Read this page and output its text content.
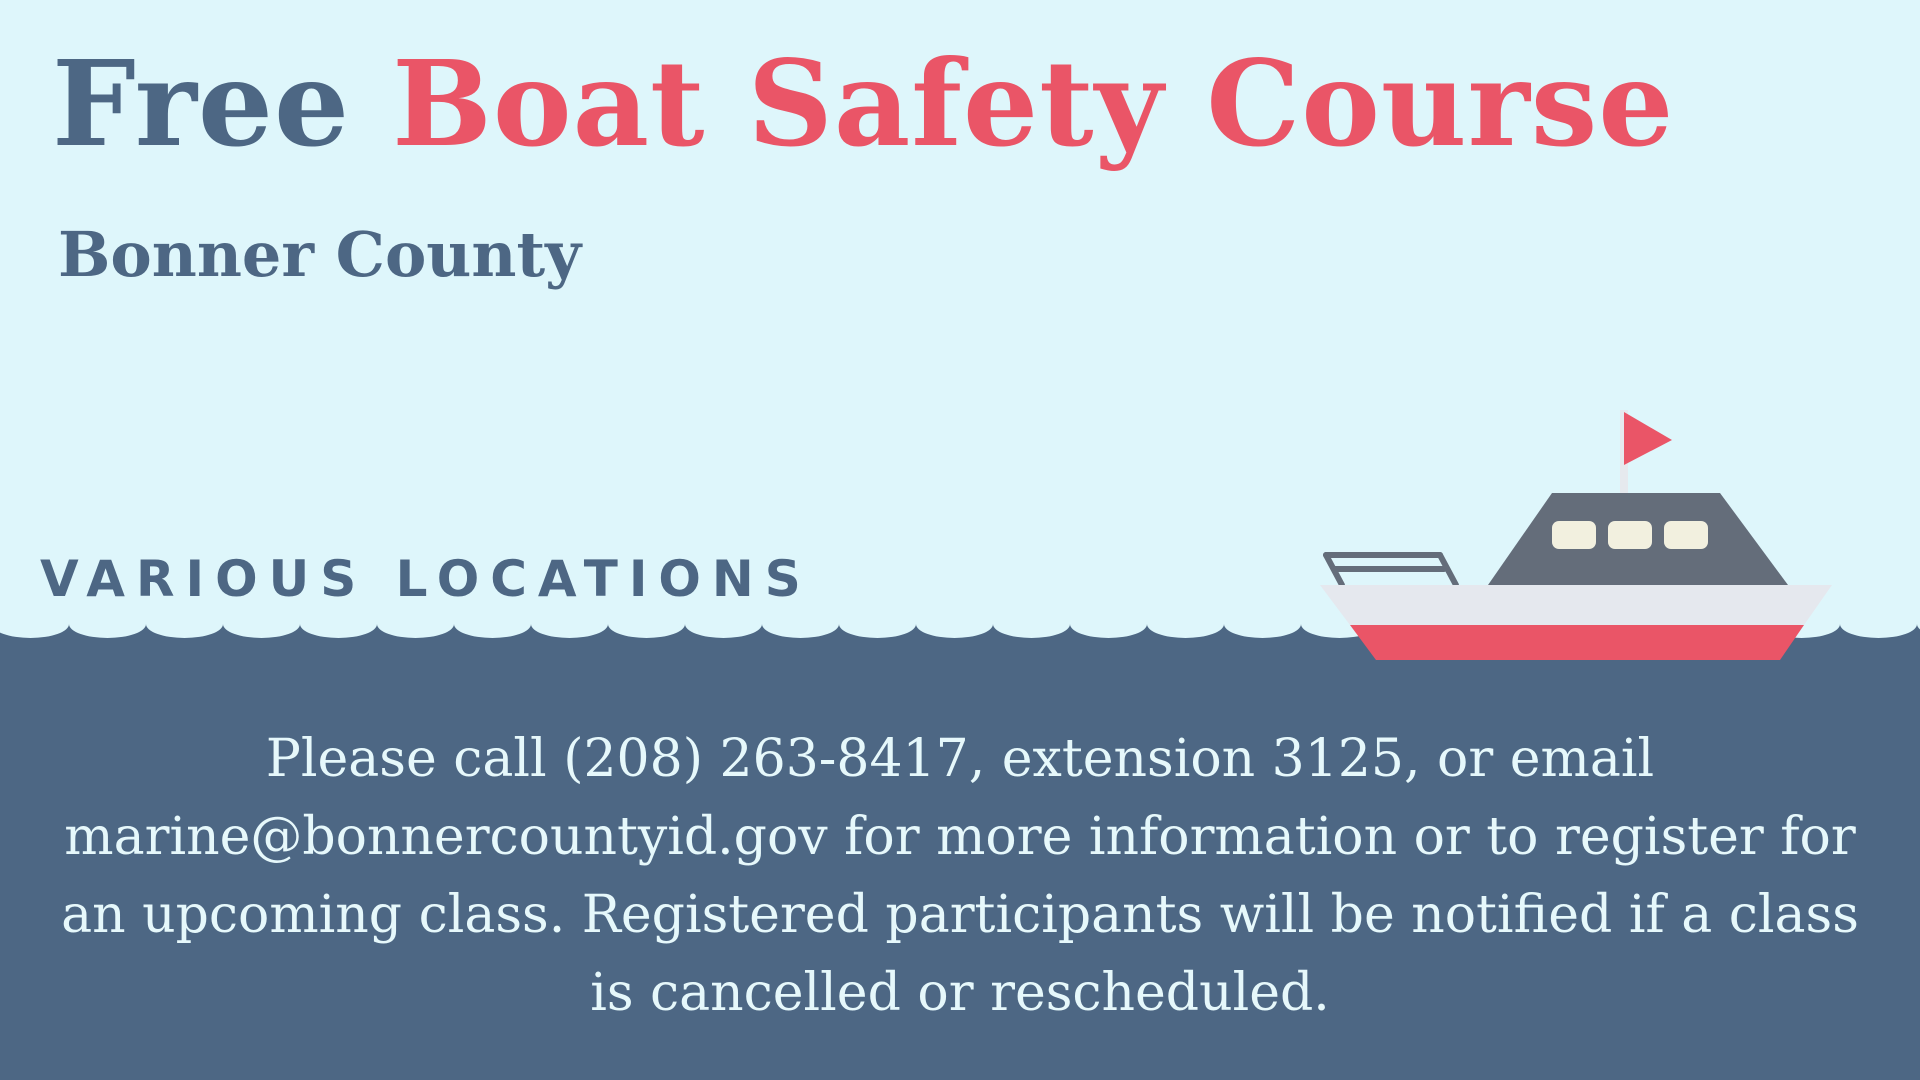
Free Boat Safety Course
Bonner County

VARIOUS LOCATIONS

Please call (208) 263-8417, extension 3125, or email marine@bonnercountyid.gov for more information or to register for an upcoming class. Registered participants will be notified if a class is cancelled or rescheduled.
